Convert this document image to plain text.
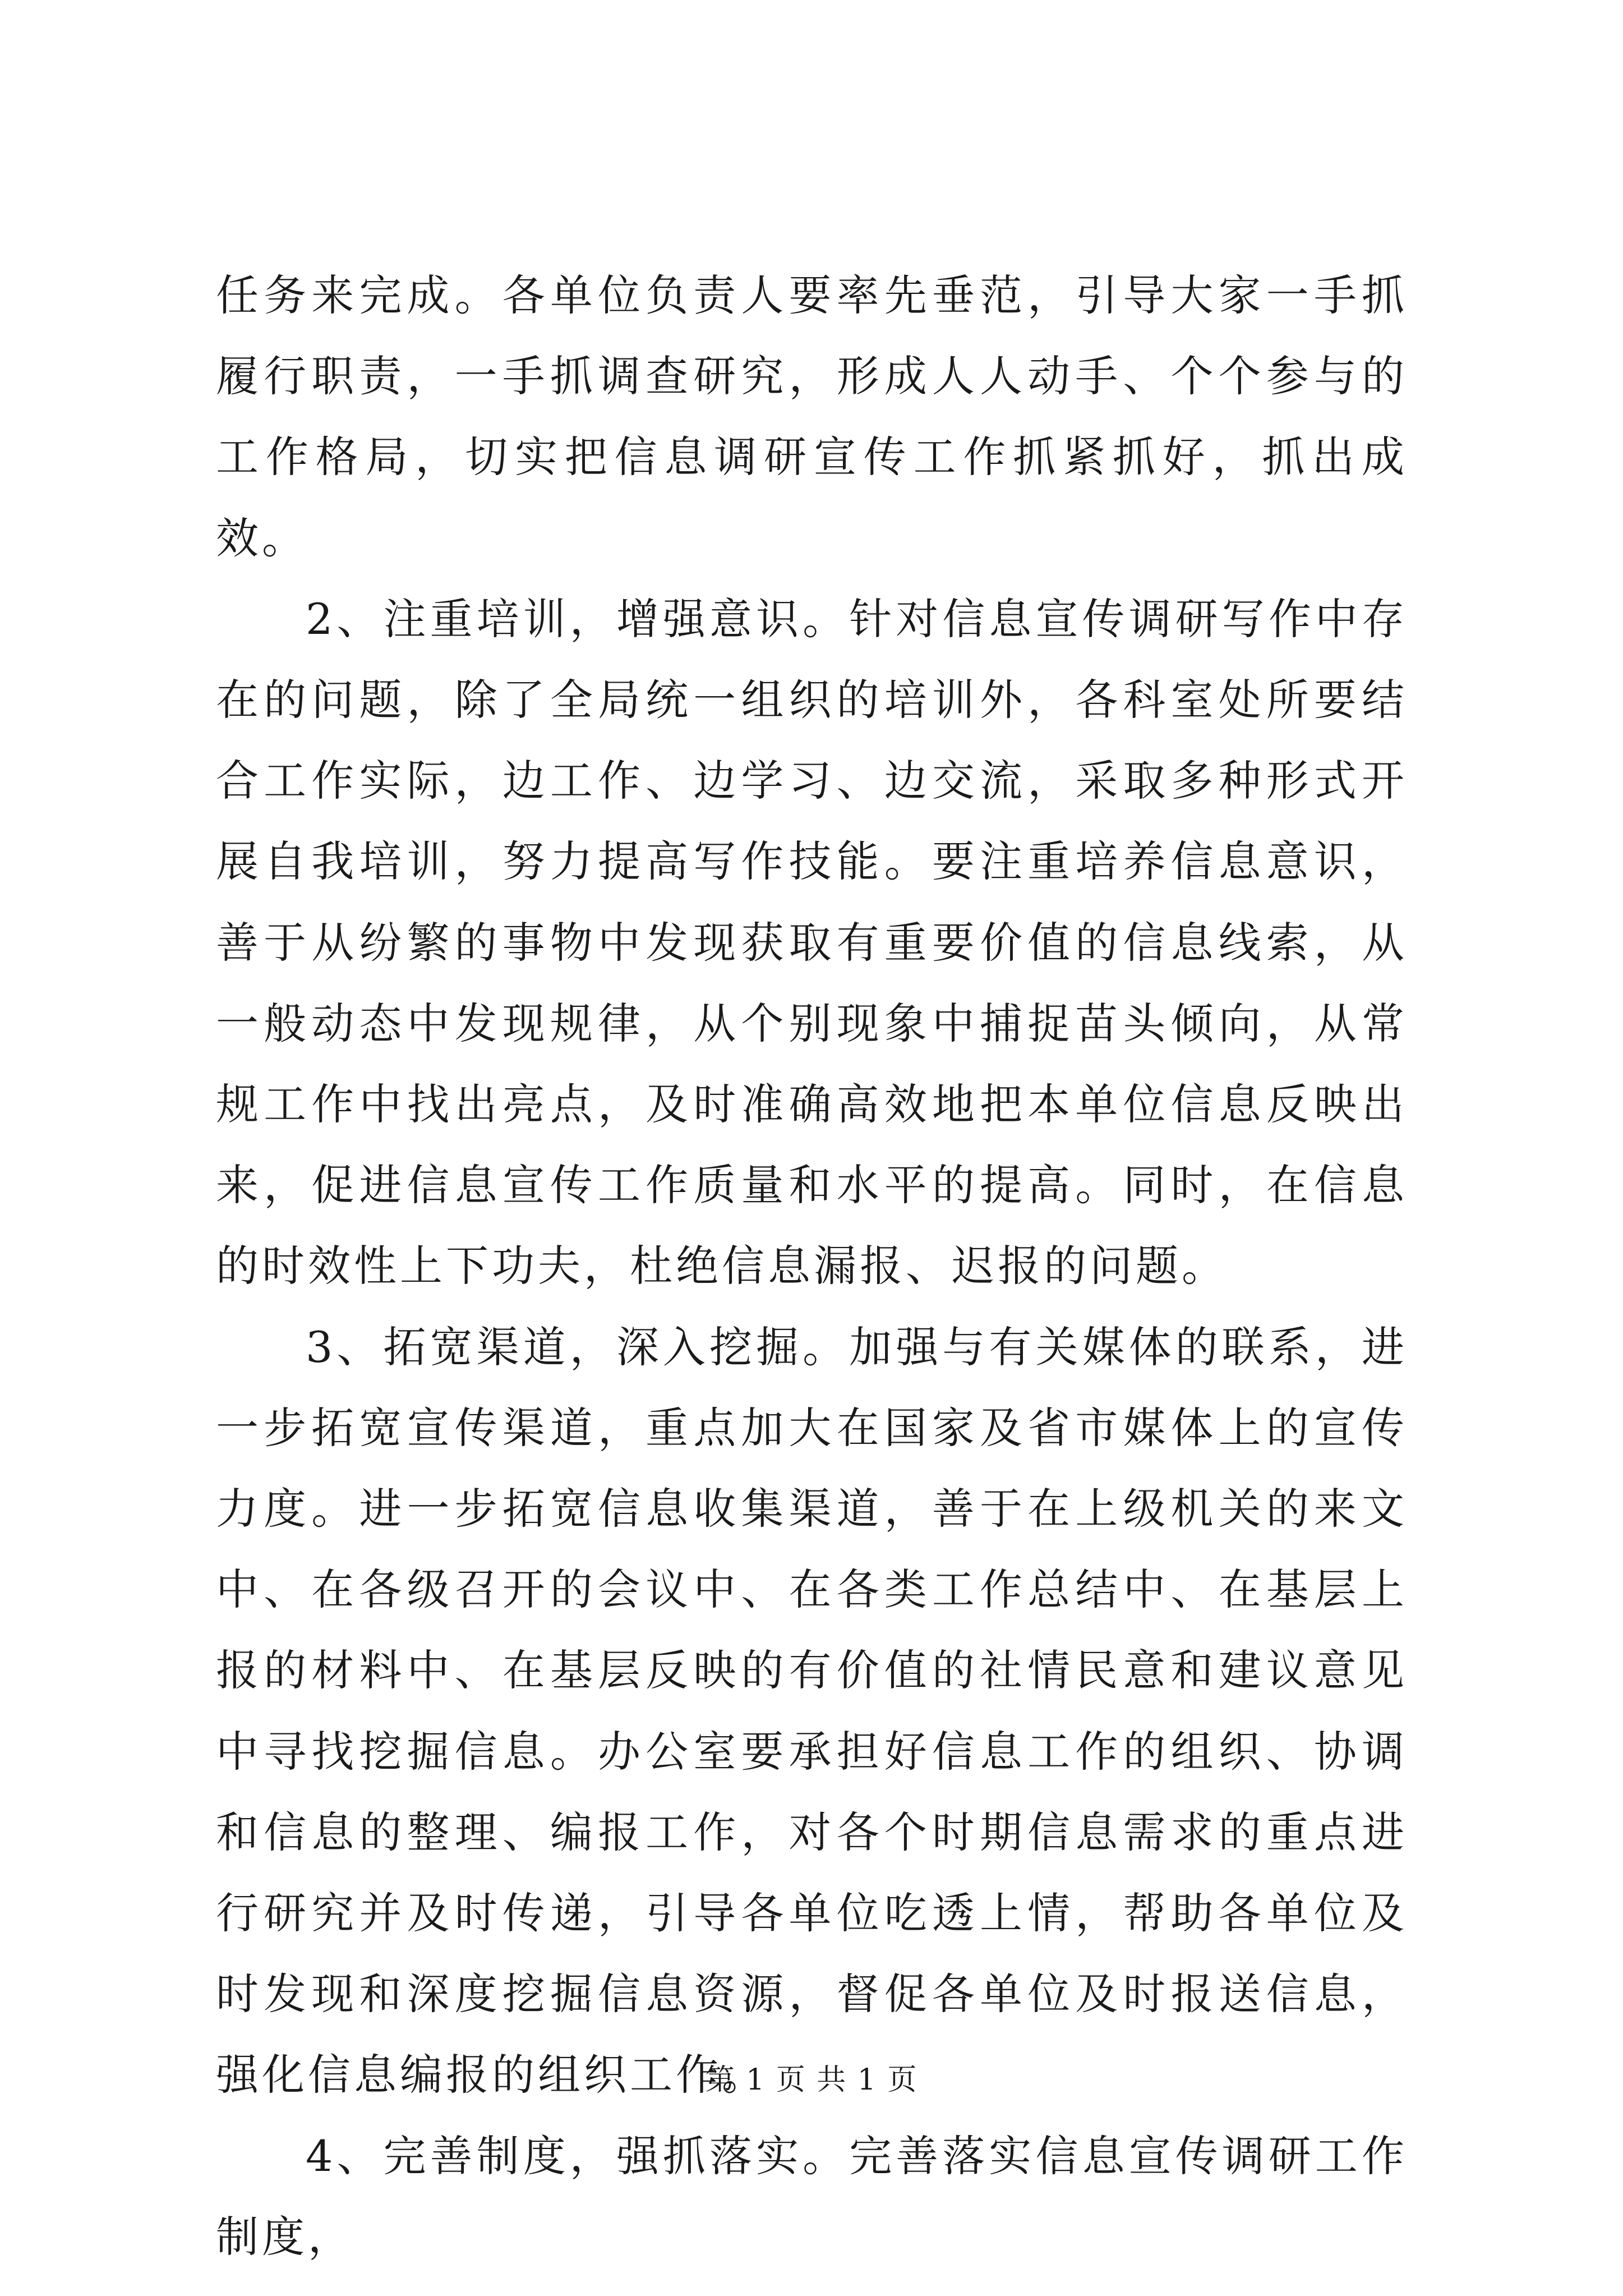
任务来完成。各单位负责人要率先垂范，引导大家一手抓履行职责，一手抓调查研究，形成人人动手、个个参与的工作格局，切实把信息调研宣传工作抓紧抓好，抓出成效。

2、注重培训，增强意识。针对信息宣传调研写作中存在的问题，除了全局统一组织的培训外，各科室处所要结合工作实际，边工作、边学习、边交流，采取多种形式开展自我培训，努力提高写作技能。要注重培养信息意识，善于从纷繁的事物中发现获取有重要价值的信息线索，从一般动态中发现规律，从个别现象中捕捉苗头倾向，从常规工作中找出亮点，及时准确高效地把本单位信息反映出来，促进信息宣传工作质量和水平的提高。同时，在信息的时效性上下功夫，杜绝信息漏报、迟报的问题。

3、拓宽渠道，深入挖掘。加强与有关媒体的联系，进一步拓宽宣传渠道，重点加大在国家及省市媒体上的宣传力度。进一步拓宽信息收集渠道，善于在上级机关的来文中、在各级召开的会议中、在各类工作总结中、在基层上报的材料中、在基层反映的有价值的社情民意和建议意见中寻找挖掘信息。办公室要承担好信息工作的组织、协调和信息的整理、编报工作，对各个时期信息需求的重点进行研究并及时传递，引导各单位吃透上情，帮助各单位及时发现和深度挖掘信息资源，督促各单位及时报送信息，强化信息编报的组织工作。

4、完善制度，强抓落实。完善落实信息宣传调研工作制度，

第 1 页 共 1 页
